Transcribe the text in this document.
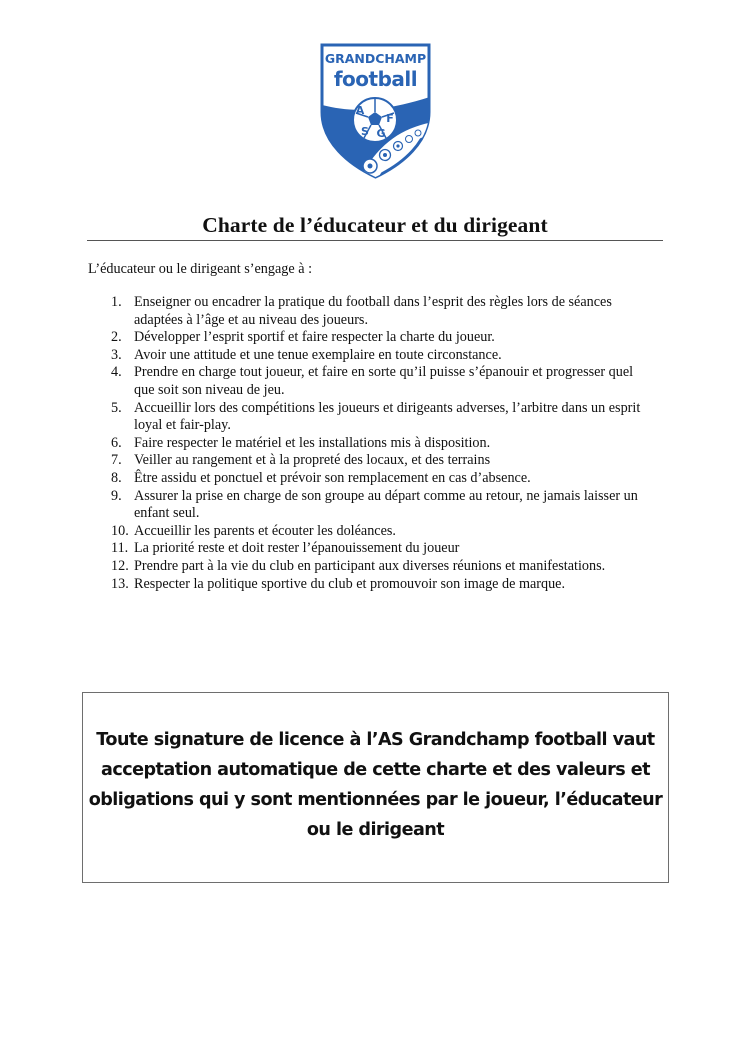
GRANDCHAMP
football
A
F
S G
Charte de l’éducateur et du dirigeant
L’éducateur ou le dirigeant s’engage à :
1. Enseigner ou encadrer la pratique du football dans l’esprit des règles lors de séances adaptées à l’âge et au niveau des joueurs.
2. Développer l’esprit sportif et faire respecter la charte du joueur.
3. Avoir une attitude et une tenue exemplaire en toute circonstance.
4. Prendre en charge tout joueur, et faire en sorte qu’il puisse s’épanouir et progresser quel que soit son niveau de jeu.
5. Accueillir lors des compétitions les joueurs et dirigeants adverses, l’arbitre dans un esprit loyal et fair-play.
6. Faire respecter le matériel et les installations mis à disposition.
7. Veiller au rangement et à la propreté des locaux, et des terrains
8. Être assidu et ponctuel et prévoir son remplacement en cas d’absence.
9. Assurer la prise en charge de son groupe au départ comme au retour, ne jamais laisser un enfant seul.
10. Accueillir les parents et écouter les doléances.
11. La priorité reste et doit rester l’épanouissement du joueur
12. Prendre part à la vie du club en participant aux diverses réunions et manifestations.
13. Respecter la politique sportive du club et promouvoir son image de marque.
Toute signature de licence à l’AS Grandchamp football vaut acceptation automatique de cette charte et des valeurs et obligations qui y sont mentionnées par le joueur, l’éducateur ou le dirigeant
